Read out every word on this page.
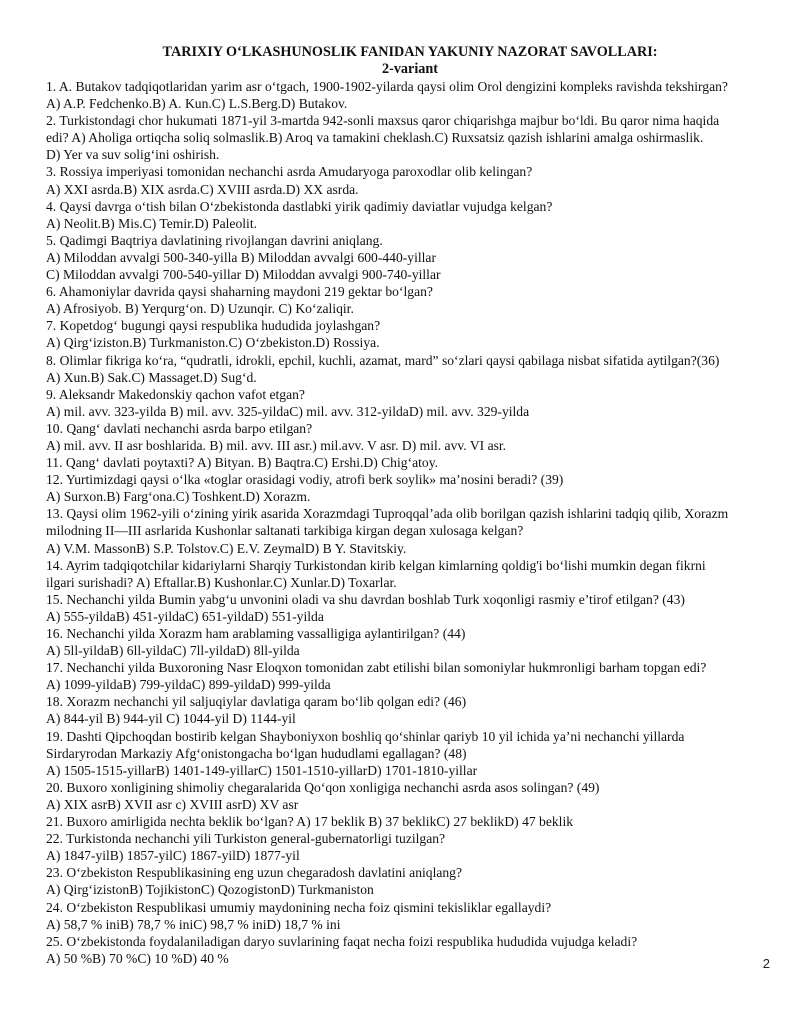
TARIXIY O‘LKASHUNOSLIK FANIDAN YAKUNIY NAZORAT SAVOLLARI:

2-variant

1. A. Butakov tadqiqotlaridan yarim asr o‘tgach, 1900-1902-yilarda qaysi olim Orol dengizini kompleks ravishda tekshirgan?

A) A.P. Fedchenko.B) A. Kun.C) L.S.Berg.D) Butakov.

2. Turkistondagi chor hukumati 1871-yil 3-martda 942-sonli maxsus qaror chiqarishga majbur bo‘ldi. Bu qaror nima haqida

edi? A) Aholiga ortiqcha soliq solmaslik.B) Aroq va tamakini cheklash.C) Ruxsatsiz qazish ishlarini amalga oshirmaslik.

D) Yer va suv solig‘ini oshirish.

3. Rossiya imperiyasi tomonidan nechanchi asrda Amudaryoga paroxodlar olib kelingan?

A) XXI asrda.B) XIX asrda.C) XVIII asrda.D) XX asrda.

4. Qaysi davrga o‘tish bilan O‘zbekistonda dastlabki yirik qadimiy daviatlar vujudga kelgan?

A) Neolit.B) Mis.C) Temir.D) Paleolit.

5. Qadimgi Baqtriya davlatining rivojlangan davrini aniqlang.

A) Miloddan avvalgi 500-340-yilla B) Miloddan avvalgi 600-440-yillar

C) Miloddan avvalgi 700-540-yillar D) Miloddan avvalgi 900-740-yillar

6. Ahamoniylar davrida qaysi shaharning maydoni 219 gektar bo‘lgan?

A) Afrosiyob. B) Yerqurg‘on. D) Uzunqir. C) Ko‘zaliqir.

7. Kopetdog‘ bugungi qaysi respublika hududida joylashgan?

A) Qirg‘iziston.B) Turkmaniston.C) O‘zbekiston.D) Rossiya.

8. Olimlar fikriga ko‘ra, “qudratli, idrokli, epchil, kuchli, azamat, mard” so‘zlari qaysi qabilaga nisbat sifatida aytilgan?(36)

A) Xun.B) Sak.C) Massaget.D) Sug‘d.

9. Aleksandr Makedonskiy qachon vafot etgan?

A) mil. avv. 323-yilda B) mil. avv. 325-yildaC) mil. avv. 312-yildaD) mil. avv. 329-yilda

10. Qang‘ davlati nechanchi asrda barpo etilgan?

A) mil. avv. II asr boshlarida. B) mil. avv. III asr.) mil.avv. V asr. D) mil. avv. VI asr.

11. Qang‘ davlati poytaxti? A) Bityan. B) Baqtra.C) Ershi.D) Chig‘atoy.

12. Yurtimizdagi qaysi o‘lka «toglar orasidagi vodiy, atrofi berk soylik» ma’nosini beradi? (39)

A) Surxon.B) Farg‘ona.C) Toshkent.D) Xorazm.

13. Qaysi olim 1962-yili o‘zining yirik asarida Xorazmdagi Tuproqqal’ada olib borilgan qazish ishlarini tadqiq qilib, Xorazm

milodning II—III asrlarida Kushonlar saltanati tarkibiga kirgan degan xulosaga kelgan?

A) V.M. MassonB) S.P. Tolstov.C) E.V. ZeymalD) B Y. Stavitskiy.

14. Ayrim tadqiqotchilar kidariylarni Sharqiy Turkistondan kirib kelgan kimlarning qoldig'i bo‘lishi mumkin degan fikrni

ilgari surishadi? A) Eftallar.B) Kushonlar.C) Xunlar.D) Toxarlar.

15. Nechanchi yilda Bumin yabg‘u unvonini oladi va shu davrdan boshlab Turk xoqonligi rasmiy e’tirof etilgan? (43)

A) 555-yildaB) 451-yildaC) 651-yildaD) 551-yilda

16. Nechanchi yilda Xorazm ham arablaming vassalligiga aylantirilgan? (44)

A) 5ll-yildaB) 6ll-yildaC) 7ll-yildaD) 8ll-yilda

17. Nechanchi yilda Buxoroning Nasr Eloqxon tomonidan zabt etilishi bilan somoniylar hukmronligi barham topgan edi?

A) 1099-yildaB) 799-yildaC) 899-yildaD) 999-yilda

18. Xorazm nechanchi yil saljuqiylar davlatiga qaram bo‘lib qolgan edi? (46)

A) 844-yil B) 944-yil C) 1044-yil D) 1144-yil

19. Dashti Qipchoqdan bostirib kelgan Shayboniyxon boshliq qo‘shinlar qariyb 10 yil ichida ya’ni nechanchi yillarda

Sirdaryrodan Markaziy Afg‘onistongacha bo‘lgan hududlami egallagan? (48)

A) 1505-1515-yillarB) 1401-149-yillarC) 1501-1510-yillarD) 1701-1810-yillar

20. Buxoro xonligining shimoliy chegaralarida Qo‘qon xonligiga nechanchi asrda asos solingan? (49)

A) XIX asrB) XVII asr c) XVIII asrD) XV asr

21. Buxoro amirligida nechta beklik bo‘lgan? A) 17 beklik B) 37 beklikC) 27 beklikD) 47 beklik

22. Turkistonda nechanchi yili Turkiston general-gubernatorligi tuzilgan?

A) 1847-yilB) 1857-yilC) 1867-yilD) 1877-yil

23. O‘zbekiston Respublikasining eng uzun chegaradosh davlatini aniqlang?

A) Qirg‘izistonB) TojikistonC) QozogistonD) Turkmaniston

24. O‘zbekiston Respublikasi umumiy maydonining necha foiz qismini tekisliklar egallaydi?

A) 58,7 % iniB) 78,7 % iniC) 98,7 % iniD) 18,7 % ini

25. O‘zbekistonda foydalaniladigan daryo suvlarining faqat necha foizi respublika hududida vujudga keladi?

A) 50 %B) 70 %C) 10 %D) 40 %	2
